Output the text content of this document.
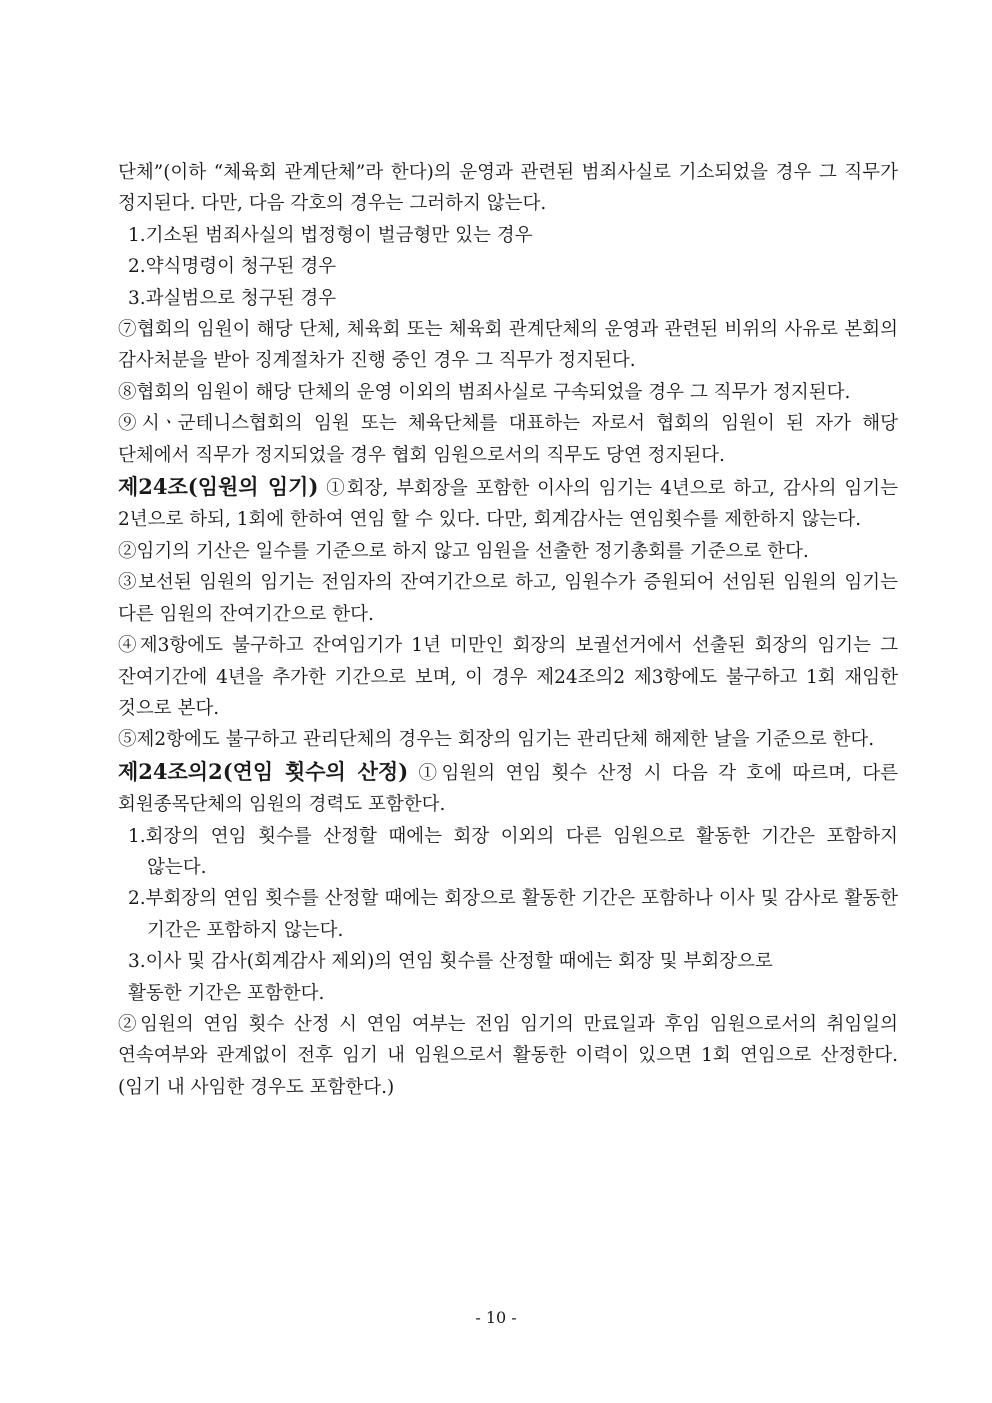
단체”(이하 “체육회 관계단체”라 한다)의 운영과 관련된 범죄사실로 기소되었을 경우 그 직무가 정지된다. 다만, 다음 각호의 경우는 그러하지 않는다.

1.기소된 범죄사실의 법정형이 벌금형만 있는 경우
2.약식명령이 청구된 경우
3.과실범으로 청구된 경우

⑦협회의 임원이 해당 단체, 체육회 또는 체육회 관계단체의 운영과 관련된 비위의 사유로 본회의 감사처분을 받아 징계절차가 진행 중인 경우 그 직무가 정지된다.

⑧협회의 임원이 해당 단체의 운영 이외의 범죄사실로 구속되었을 경우 그 직무가 정지된다.

⑨시ㆍ군테니스협회의 임원 또는 체육단체를 대표하는 자로서 협회의 임원이 된 자가 해당 단체에서 직무가 정지되었을 경우 협회 임원으로서의 직무도 당연 정지된다.

제24조(임원의 임기) ①회장, 부회장을 포함한 이사의 임기는 4년으로 하고, 감사의 임기는 2년으로 하되, 1회에 한하여 연임 할 수 있다. 다만, 회계감사는 연임횟수를 제한하지 않는다.

②임기의 기산은 일수를 기준으로 하지 않고 임원을 선출한 정기총회를 기준으로 한다.

③보선된 임원의 임기는 전임자의 잔여기간으로 하고, 임원수가 증원되어 선임된 임원의 임기는 다른 임원의 잔여기간으로 한다.

④제3항에도 불구하고 잔여임기가 1년 미만인 회장의 보궐선거에서 선출된 회장의 임기는 그 잔여기간에 4년을 추가한 기간으로 보며, 이 경우 제24조의2 제3항에도 불구하고 1회 재임한 것으로 본다.

⑤제2항에도 불구하고 관리단체의 경우는 회장의 임기는 관리단체 해제한 날을 기준으로 한다.

제24조의2(연임 횟수의 산정) ①임원의 연임 횟수 산정 시 다음 각 호에 따르며, 다른 회원종목단체의 임원의 경력도 포함한다.

1.회장의 연임 횟수를 산정할 때에는 회장 이외의 다른 임원으로 활동한 기간은 포함하지 않는다.
2.부회장의 연임 횟수를 산정할 때에는 회장으로 활동한 기간은 포함하나 이사 및 감사로 활동한 기간은 포함하지 않는다.
3.이사 및 감사(회계감사 제외)의 연임 횟수를 산정할 때에는 회장 및 부회장으로
활동한 기간은 포함한다.

②임원의 연임 횟수 산정 시 연임 여부는 전임 임기의 만료일과 후임 임원으로서의 취임일의 연속여부와 관계없이 전후 임기 내 임원으로서 활동한 이력이 있으면 1회 연임으로 산정한다.(임기 내 사임한 경우도 포함한다.)

- 10 -
